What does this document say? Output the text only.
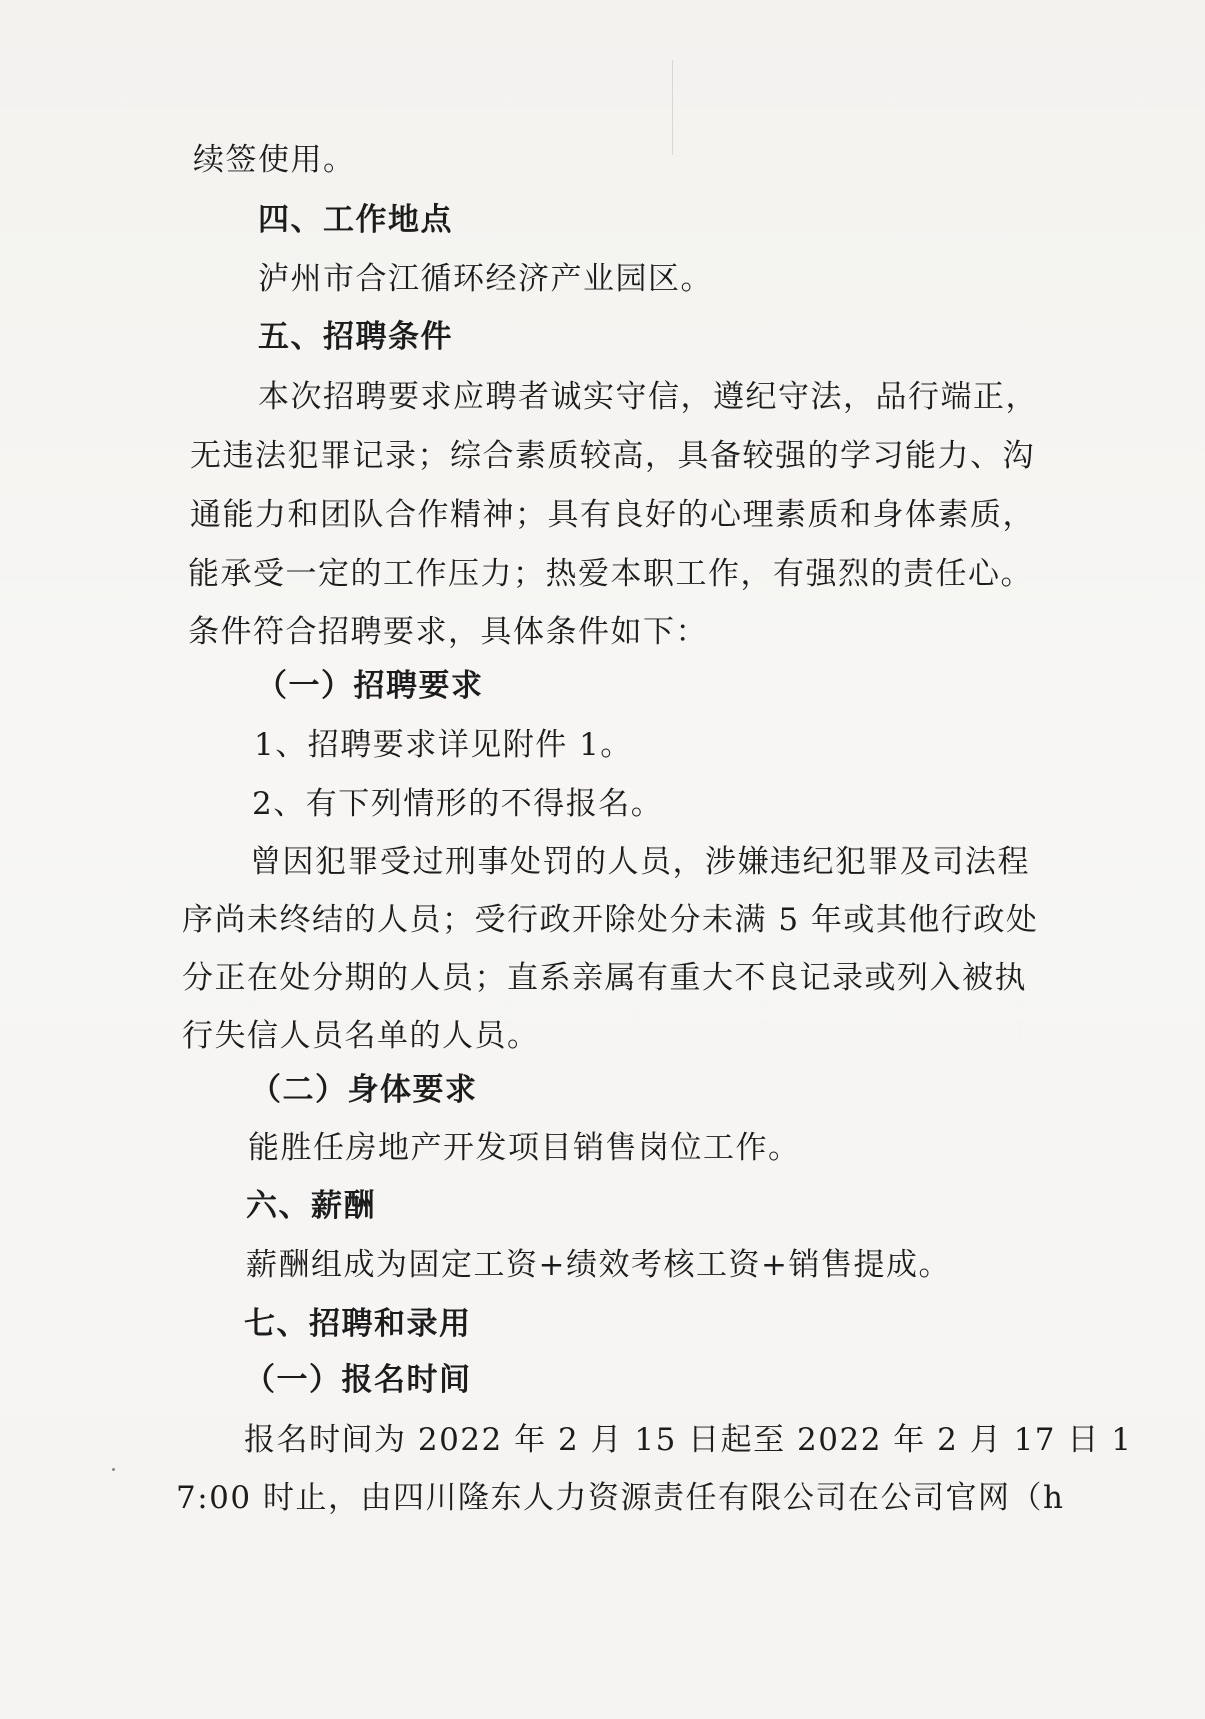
续签使用。
四、工作地点
泸州市合江循环经济产业园区。
五、招聘条件
本次招聘要求应聘者诚实守信，遵纪守法，品行端正，
无违法犯罪记录；综合素质较高，具备较强的学习能力、沟
通能力和团队合作精神；具有良好的心理素质和身体素质，
能承受一定的工作压力；热爱本职工作，有强烈的责任心。
条件符合招聘要求，具体条件如下：
（一）招聘要求
1、招聘要求详见附件 1。
2、有下列情形的不得报名。
曾因犯罪受过刑事处罚的人员，涉嫌违纪犯罪及司法程
序尚未终结的人员；受行政开除处分未满 5 年或其他行政处
分正在处分期的人员；直系亲属有重大不良记录或列入被执
行失信人员名单的人员。
（二）身体要求
能胜任房地产开发项目销售岗位工作。
六、薪酬
薪酬组成为固定工资+绩效考核工资+销售提成。
七、招聘和录用
（一）报名时间
报名时间为 2022 年 2 月 15 日起至 2022 年 2 月 17 日 1
7:00 时止，由四川隆东人力资源责任有限公司在公司官网（h
